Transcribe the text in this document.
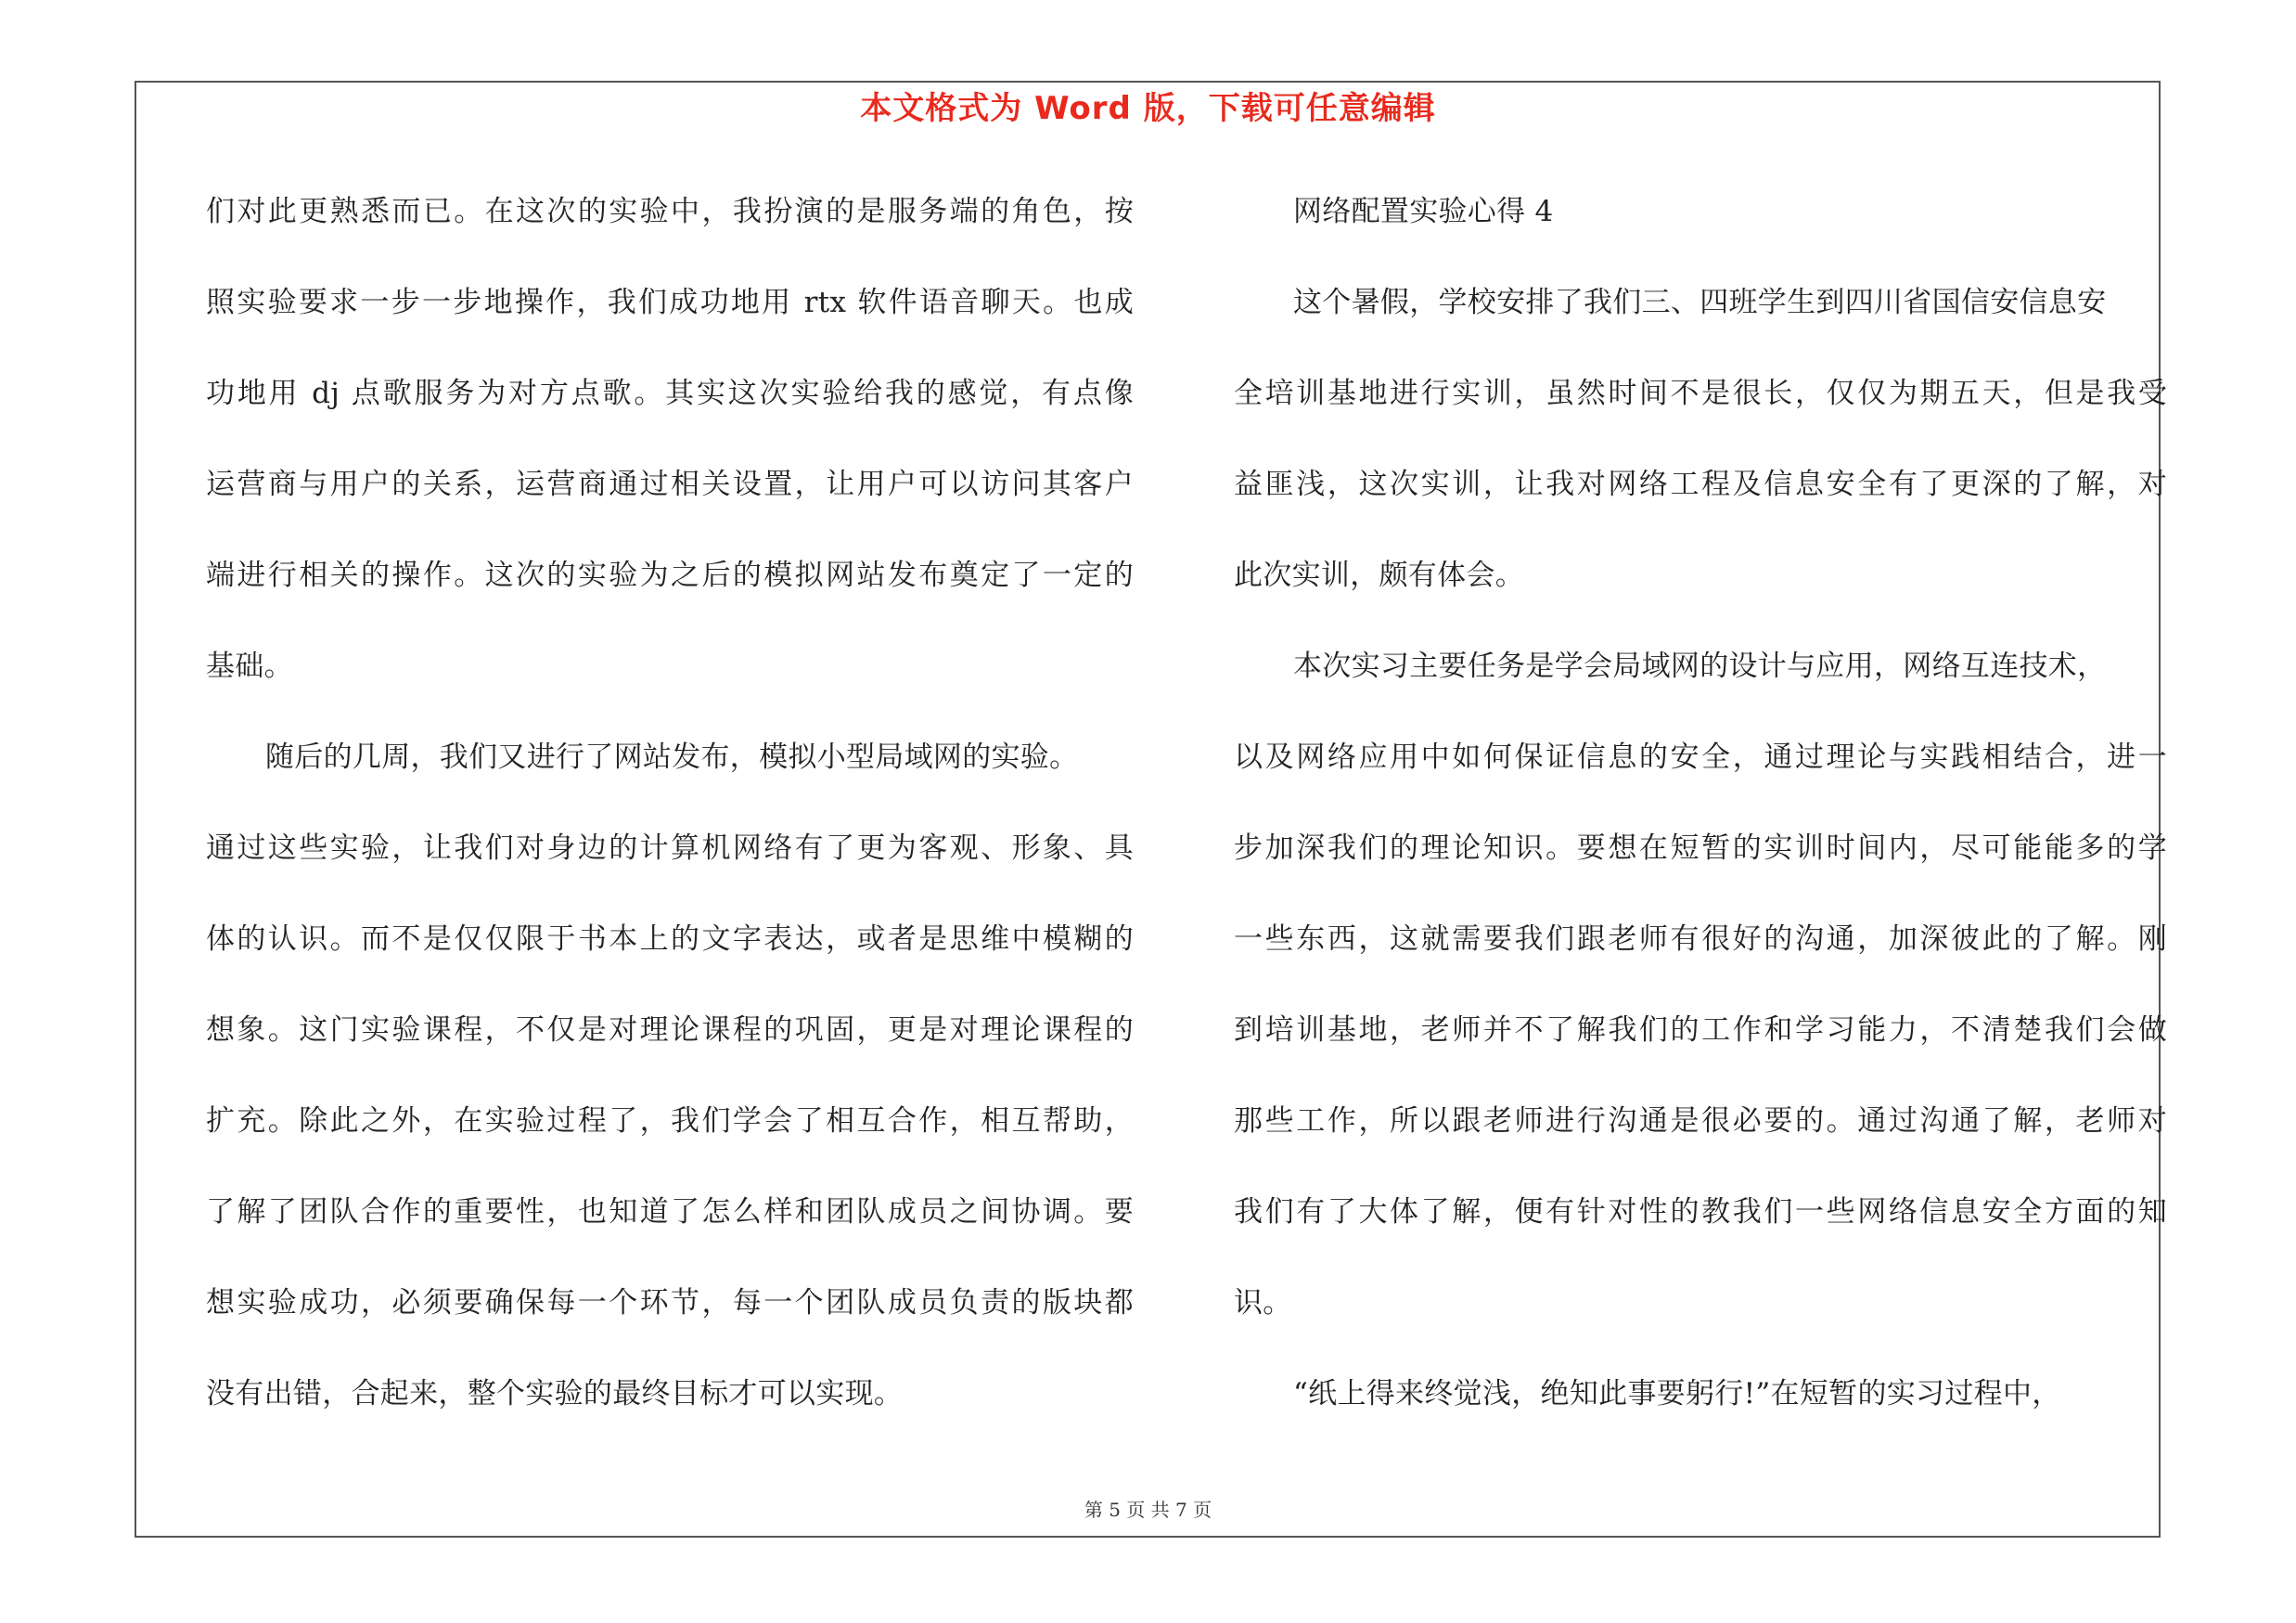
本文格式为 Word 版，下载可任意编辑
们对此更熟悉而已。在这次的实验中，我扮演的是服务端的角色，按
照实验要求一步一步地操作，我们成功地用 rtx 软件语音聊天。也成
功地用 dj 点歌服务为对方点歌。其实这次实验给我的感觉，有点像
运营商与用户的关系，运营商通过相关设置，让用户可以访问其客户
端进行相关的操作。这次的实验为之后的模拟网站发布奠定了一定的
基础。
随后的几周，我们又进行了网站发布，模拟小型局域网的实验。
通过这些实验，让我们对身边的计算机网络有了更为客观、形象、具
体的认识。而不是仅仅限于书本上的文字表达，或者是思维中模糊的
想象。这门实验课程，不仅是对理论课程的巩固，更是对理论课程的
扩充。除此之外，在实验过程了，我们学会了相互合作，相互帮助，
了解了团队合作的重要性，也知道了怎么样和团队成员之间协调。要
想实验成功，必须要确保每一个环节，每一个团队成员负责的版块都
没有出错，合起来，整个实验的最终目标才可以实现。
网络配置实验心得 4
这个暑假，学校安排了我们三、四班学生到四川省国信安信息安
全培训基地进行实训，虽然时间不是很长，仅仅为期五天，但是我受
益匪浅，这次实训，让我对网络工程及信息安全有了更深的了解，对
此次实训，颇有体会。
本次实习主要任务是学会局域网的设计与应用，网络互连技术，
以及网络应用中如何保证信息的安全，通过理论与实践相结合，进一
步加深我们的理论知识。要想在短暂的实训时间内，尽可能能多的学
一些东西，这就需要我们跟老师有很好的沟通，加深彼此的了解。刚
到培训基地，老师并不了解我们的工作和学习能力，不清楚我们会做
那些工作，所以跟老师进行沟通是很必要的。通过沟通了解，老师对
我们有了大体了解，便有针对性的教我们一些网络信息安全方面的知
识。
“纸上得来终觉浅，绝知此事要躬行!”在短暂的实习过程中，
第 5 页 共 7 页
